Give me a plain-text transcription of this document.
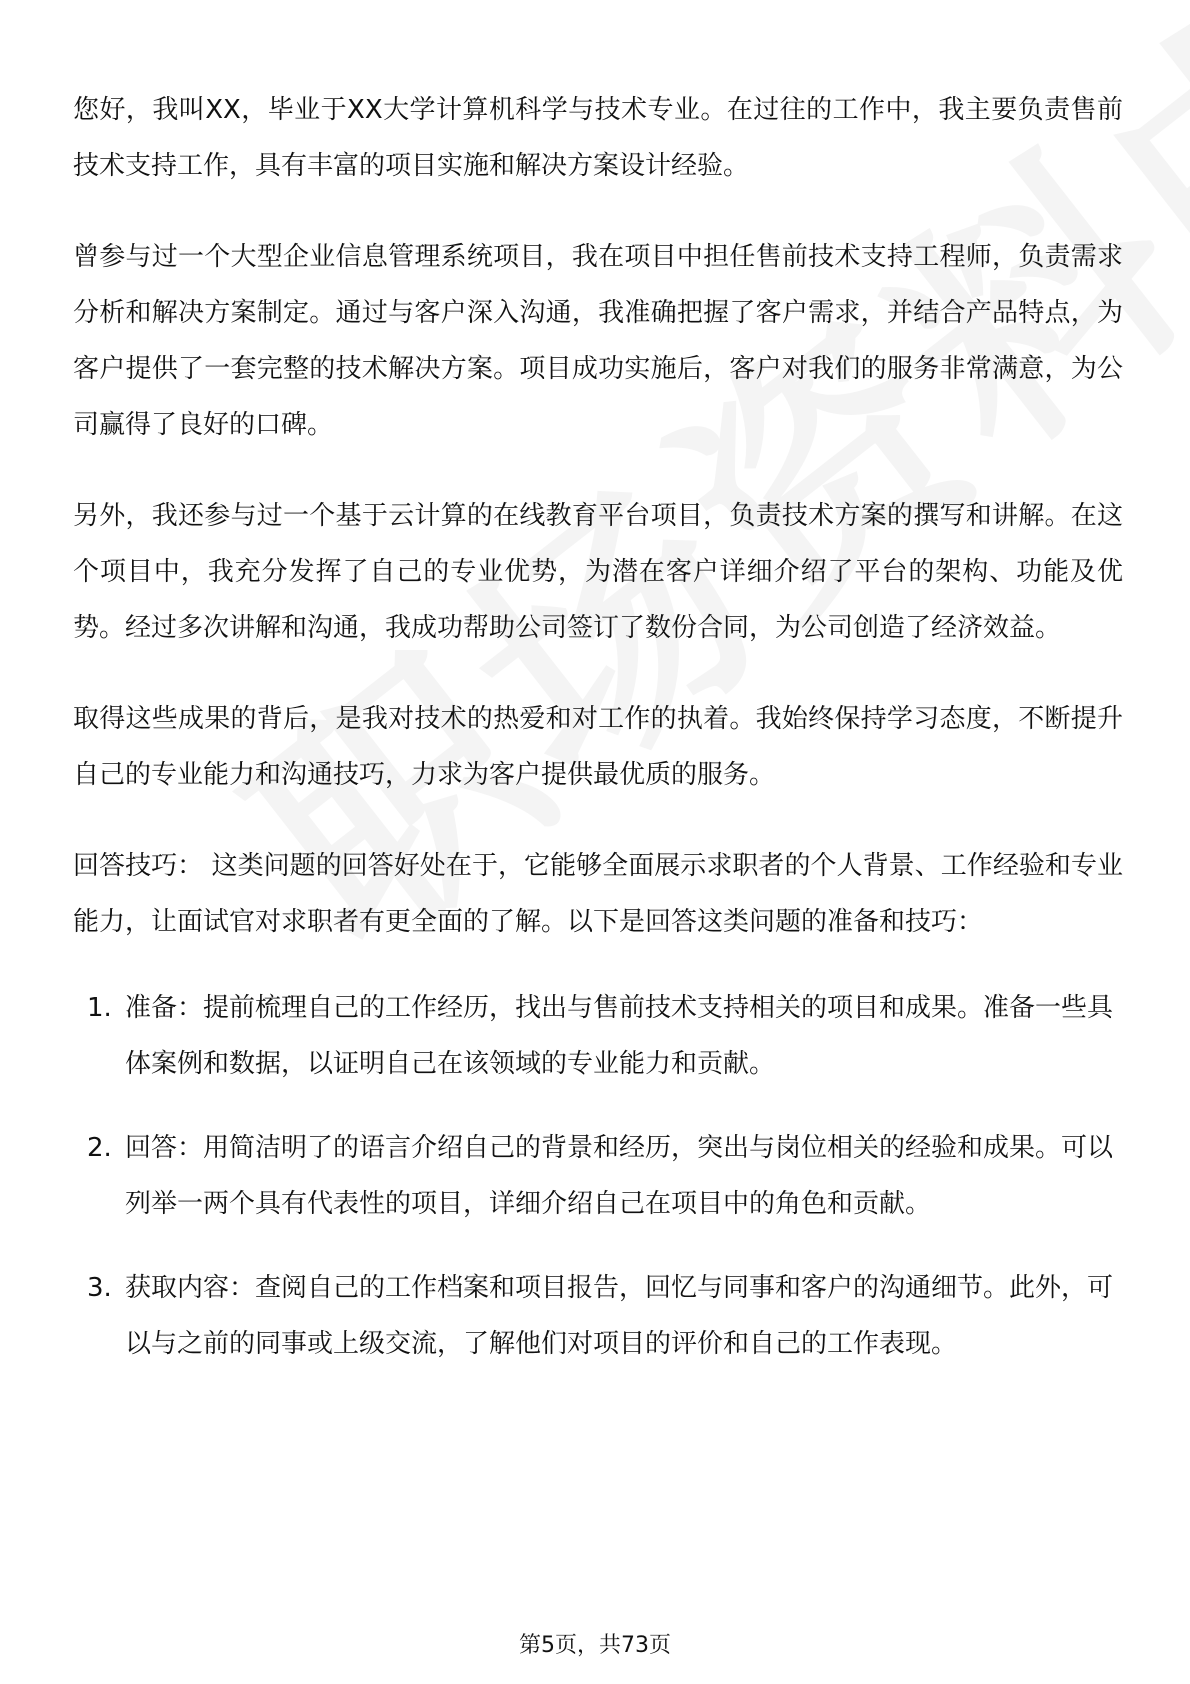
您好，我叫XX，毕业于XX大学计算机科学与技术专业。在过往的工作中，我主要负责售前技术支持工作，具有丰富的项目实施和解决方案设计经验。

曾参与过一个大型企业信息管理系统项目，我在项目中担任售前技术支持工程师，负责需求分析和解决方案制定。通过与客户深入沟通，我准确把握了客户需求，并结合产品特点，为客户提供了一套完整的技术解决方案。项目成功实施后，客户对我们的服务非常满意，为公司赢得了良好的口碑。

另外，我还参与过一个基于云计算的在线教育平台项目，负责技术方案的撰写和讲解。在这个项目中，我充分发挥了自己的专业优势，为潜在客户详细介绍了平台的架构、功能及优势。经过多次讲解和沟通，我成功帮助公司签订了数份合同，为公司创造了经济效益。

取得这些成果的背后，是我对技术的热爱和对工作的执着。我始终保持学习态度，不断提升自己的专业能力和沟通技巧，力求为客户提供最优质的服务。

回答技巧： 这类问题的回答好处在于，它能够全面展示求职者的个人背景、工作经验和专业能力，让面试官对求职者有更全面的了解。以下是回答这类问题的准备和技巧：

1. 准备：提前梳理自己的工作经历，找出与售前技术支持相关的项目和成果。准备一些具体案例和数据，以证明自己在该领域的专业能力和贡献。
2. 回答：用简洁明了的语言介绍自己的背景和经历，突出与岗位相关的经验和成果。可以列举一两个具有代表性的项目，详细介绍自己在项目中的角色和贡献。
3. 获取内容：查阅自己的工作档案和项目报告，回忆与同事和客户的沟通细节。此外，可以与之前的同事或上级交流，了解他们对项目的评价和自己的工作表现。
第5页，共73页
